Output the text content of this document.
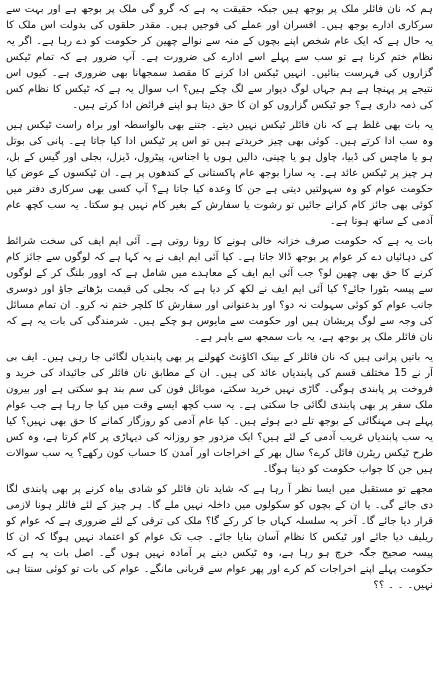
ہم کہ نان فائلر ملک پر بوجھ ہیں جبکہ حقیقت یہ ہے کہ گرو گی ملک پر بوجھ ہے اور بہت سے سرکاری ادارے بوجھ ہیں۔ افسران اور عملے کی فوجیں ہیں۔ مقدر حلقوں کی بدولت اس ملک کا یہ حال ہے کہ ایک عام شخص اپنے بچوں کے منہ سے نوالے چھین کر حکومت کو دے رہا ہے۔ اگر یہ نظام ختم کرنا ہے تو سب سے پہلے اسے ادارے کی ضرورت ہے۔ آپ ضرور ہے کہ تمام ٹیکس گزاروں کی فہرست بنائیں۔ انہیں ٹیکس ادا کرنے کا مقصد سمجھانا بھی ضروری ہے۔ کیوں اس نتیجے پر پہنچا ہے ہم جہاں لوگ دیوار سے لگ چکے ہیں؟ اب سوال یہ ہے کہ ٹیکس کا نظام کس کی ذمہ داری ہے؟ جو ٹیکس گزاروں کو ان کا حق دیتا ہو اپنے فرائض ادا کرتے ہیں۔

یہ بات بھی غلط ہے کہ نان فائلر ٹیکس نہیں دیتے۔ جتنے بھی بالواسطہ اور براہ راست ٹیکس ہیں وہ سب ادا کرتے ہیں۔ کوئی بھی چیز خریدتے ہیں تو اس پر ٹیکس ادا کیا جاتا ہے۔ پانی کی بوتل ہو یا ماچس کی ڈبیا، چاول ہو یا چینی، دالیں ہوں یا اجناس، پیٹرول، ڈیزل، بجلی اور گیس کے بل، ہر چیز پر ٹیکس عائد ہے۔ یہ سارا بوجھ عام پاکستانی کے کندھوں پر ہے۔ ان ٹیکسوں کے عوض کیا حکومت عوام کو وہ سہولتیں دیتی ہے جن کا وعدہ کیا جاتا ہے؟ آپ کسی بھی سرکاری دفتر میں کوئی بھی جائز کام کرانے جائیں تو رشوت یا سفارش کے بغیر کام نہیں ہو سکتا۔ یہ سب کچھ عام آدمی کے ساتھ ہوتا ہے۔

بات یہ ہے کہ حکومت صرف خزانہ خالی ہونے کا رونا روتی ہے۔ آئی ایم ایف کی سخت شرائط کی دہائیاں دے کر عوام پر بوجھ ڈالا جاتا ہے۔ کیا آئی ایم ایف نے یہ کہا ہے کہ لوگوں سے جائز کام کرنے کا حق بھی چھین لو؟ جب آئی ایم ایف کے معاہدے میں شامل ہے کہ اوور بلنگ کر کے لوگوں سے پیسہ بٹورا جائے؟ کیا آئی ایم ایف نے لکھ کر دیا ہے کہ بجلی کی قیمت بڑھاتے جاؤ اور دوسری جانب عوام کو کوئی سہولت نہ دو؟ اور بدعنوانی اور سفارش کا کلچر ختم نہ کرو۔ ان تمام مسائل کی وجہ سے لوگ پریشان ہیں اور حکومت سے مایوس ہو چکے ہیں۔ شرمندگی کی بات یہ ہے کہ نان فائلر ملک پر بوجھ ہے، یہ بات سمجھ سے باہر ہے۔

یہ باتیں پرانی ہیں کہ نان فائلر کے بینک اکاؤنٹ کھولنے پر بھی پابندیاں لگائی جا رہی ہیں۔ ایف بی آر نے 15 مختلف قسم کی پابندیاں عائد کی ہیں۔ ان کے مطابق نان فائلر کی جائیداد کی خرید و فروخت پر پابندی ہوگی۔ گاڑی نہیں خرید سکتے، موبائل فون کی سم بند ہو سکتی ہے اور بیرون ملک سفر پر بھی پابندی لگائی جا سکتی ہے۔ یہ سب کچھ ایسے وقت میں کیا جا رہا ہے جب عوام پہلے ہی مہنگائی کے بوجھ تلے دبے ہوئے ہیں۔ کیا عام آدمی کو روزگار کمانے کا حق بھی نہیں؟ کیا یہ سب پابندیاں غریب آدمی کے لئے ہیں؟ ایک مزدور جو روزانہ کی دیہاڑی پر کام کرتا ہے، وہ کس طرح ٹیکس ریٹرن فائل کرے؟ سال بھر کے اخراجات اور آمدن کا حساب کون رکھے؟ یہ سب سوالات ہیں جن کا جواب حکومت کو دینا ہوگا۔

مجھے تو مستقبل میں ایسا نظر آ رہا ہے کہ شاید نان فائلر کو شادی بیاہ کرنے پر بھی پابندی لگا دی جائے گی۔ یا ان کے بچوں کو سکولوں میں داخلہ نہیں ملے گا۔ ہر چیز کے لئے فائلر ہونا لازمی قرار دیا جائے گا۔ آخر یہ سلسلہ کہاں جا کر رکے گا؟ ملک کی ترقی کے لئے ضروری ہے کہ عوام کو ریلیف دیا جائے اور ٹیکس کا نظام آسان بنایا جائے۔ جب تک عوام کو اعتماد نہیں ہوگا کہ ان کا پیسہ صحیح جگہ خرچ ہو رہا ہے، وہ ٹیکس دینے پر آمادہ نہیں ہوں گے۔ اصل بات یہ ہے کہ حکومت پہلے اپنے اخراجات کم کرے اور پھر عوام سے قربانی مانگے۔ عوام کی بات تو کوئی سنتا ہی نہیں۔ ۔ ۔ ؟؟
